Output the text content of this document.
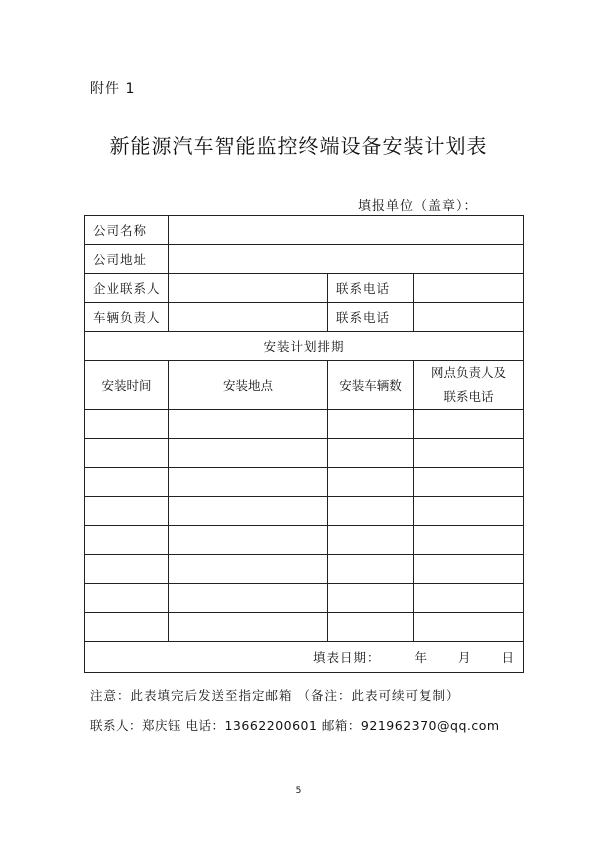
附件 1
新能源汽车智能监控终端设备安装计划表
填报单位（盖章）：
公司名称			
公司地址			
企业联系人		联系电话	
车辆负责人		联系电话	
安装计划排期			
安装时间	安装地点	安装车辆数	网点负责人及
联系电话

填表日期： 年 月 日			
注意：此表填完后发送至指定邮箱 （备注：此表可续可复制）
联系人：郑庆钰 电话：13662200601 邮箱：921962370@qq.com
5
